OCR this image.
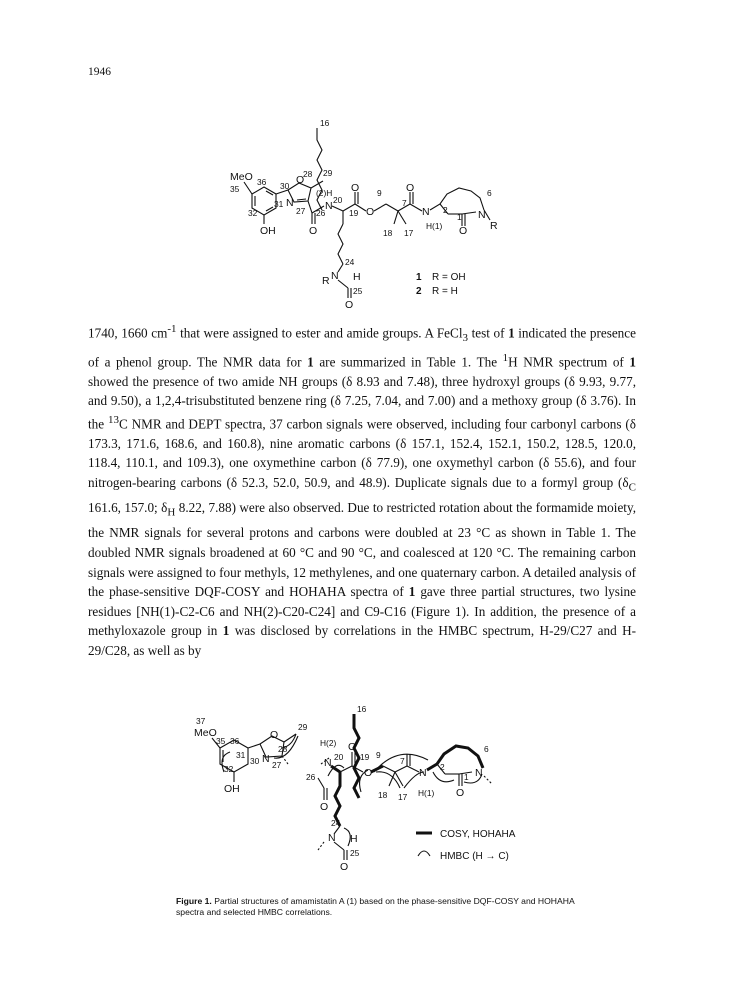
1946
16
MeO
35
36	O
28 29
30
31
(2)H O 9 O	6
N
27 N 20
32
OH
26	19 O
7
N 2	N
R
O	18 17
H(1)
1
O
24
R N H
25
O
1 R = OH
2 R = H

1740, 1660 $cm^{-1}$ that were assigned to ester and amide groups. A FeCl$_3$ test of 1 indicated the presence of a phenol group. The NMR data for 1 are summarized in Table 1. The $^1$H NMR spectrum of 1 showed the presence of two amide NH groups (δ 8.93 and 7.48), three hydroxyl groups (δ 9.93, 9.77, and 9.50), a 1,2,4-trisubstituted benzene ring (δ 7.25, 7.04, and 7.00) and a methoxy group (δ 3.76). In the $^{13}$C NMR and DEPT spectra, 37 carbon signals were observed, including four carbonyl carbons (δ 173.3, 171.6, 168.6, and 160.8), nine aromatic carbons (δ 157.1, 152.4, 152.1, 150.2, 128.5, 120.0, 118.4, 110.1, and 109.3), one oxymethine carbon (δ 77.9), one oxymethyl carbon (δ 55.6), and four nitrogen-bearing carbons (δ 52.3, 52.0, 50.9, and 48.9). Duplicate signals due to a formyl group ($\delta_C$ 161.6, 157.0; $\delta_H$ 8.22, 7.88) were also observed. Due to restricted rotation about the formamide moiety, the NMR signals for several protons and carbons were doubled at 23 °C as shown in Table 1. The doubled NMR signals broadened at 60 °C and 90 °C, and coalesced at 120 °C. The remaining carbon signals were assigned to four methyls, 12 methylenes, and one quaternary carbon. A detailed analysis of the phase-sensitive DQF-COSY and HOHAHA spectra of 1 gave three partial structures, two lysine residues [NH(1)-C2-C6 and NH(2)-C20-C24] and C9-C16 (Figure 1). In addition, the presence of a methyloxazole group in 1 was disclosed by correlations in the HMBC spectrum, H-29/C27 and H-29/C28, as well as by

16
37
MeO
35 36	O
29
31
28
30
H(2) O
N 20 19 9
6
32
N 27
26	O
7
N 2
1 N
OH
O
18 17 H(1) O
24
N H
25
O
COSY, HOHAHA
HMBC (H → C)
Figure 1. Partial structures of amamistatin A (1) based on the phase-sensitive DQF-COSY and HOHAHA spectra and selected HMBC correlations.
